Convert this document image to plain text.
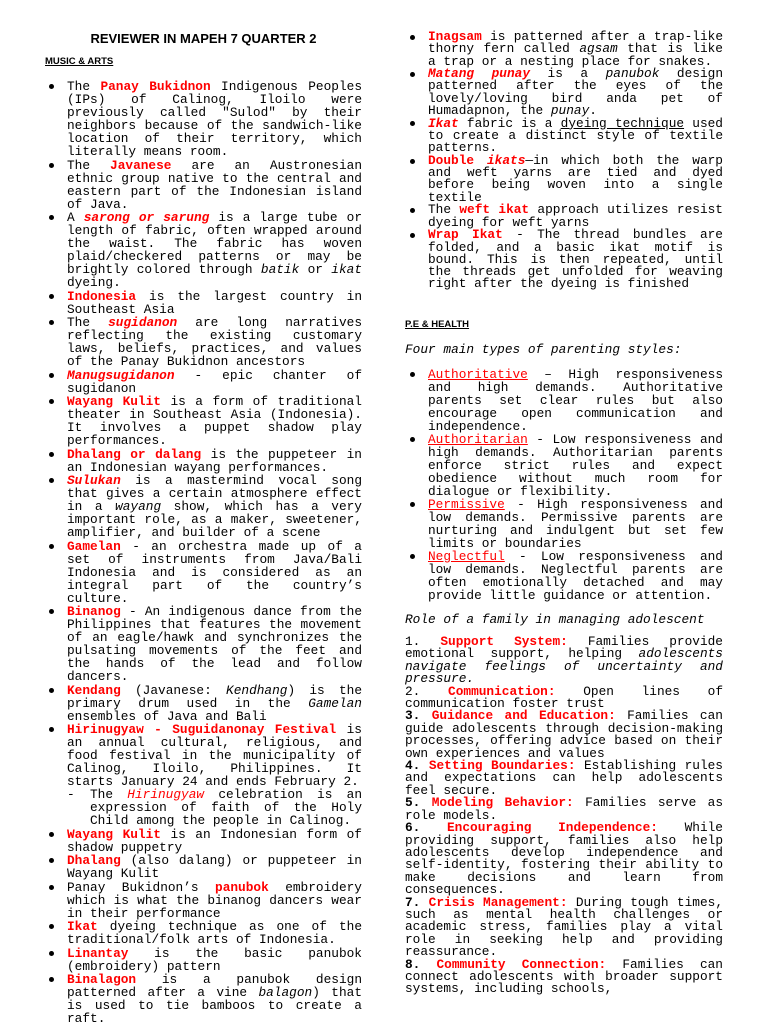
REVIEWER IN MAPEH 7 QUARTER 2
MUSIC & ARTS
The Panay Bukidnon Indigenous Peoples (IPs) of Calinog, Iloilo were previously called "Sulod" by their neighbors because of the sandwich-like location of their territory, which literally means room.
The Javanese are an Austronesian ethnic group native to the central and eastern part of the Indonesian island of Java.
A sarong or sarung is a large tube or length of fabric, often wrapped around the waist. The fabric has woven plaid/checkered patterns or may be brightly colored through batik or ikat dyeing.
Indonesia is the largest country in Southeast Asia
The sugidanon are long narratives reflecting the existing customary laws, beliefs, practices, and values of the Panay Bukidnon ancestors
Manugsugidanon - epic chanter of sugidanon
Wayang Kulit is a form of traditional theater in Southeast Asia (Indonesia). It involves a puppet shadow play performances.
Dhalang or dalang is the puppeteer in an Indonesian wayang performances.
Sulukan is a mastermind vocal song that gives a certain atmosphere effect in a wayang show, which has a very important role, as a maker, sweetener, amplifier, and builder of a scene
Gamelan - an orchestra made up of a set of instruments from Java/Bali Indonesia and is considered as an integral part of the country’s culture.
Binanog - An indigenous dance from the Philippines that features the movement of an eagle/hawk and synchronizes the pulsating movements of the feet and the hands of the lead and follow dancers.
Kendang (Javanese: Kendhang) is the primary drum used in the Gamelan ensembles of Java and Bali
Hirinugyaw - Suguidanonay Festival is an annual cultural, religious, and food festival in the municipality of Calinog, Iloilo, Philippines. It starts January 24 and ends February 2.
- The Hirinugyaw celebration is an expression of faith of the Holy Child among the people in Calinog.
Wayang Kulit is an Indonesian form of shadow puppetry
Dhalang (also dalang) or puppeteer in Wayang Kulit
Panay Bukidnon’s panubok embroidery which is what the binanog dancers wear in their performance
Ikat dyeing technique as one of the traditional/folk arts of Indonesia.
Linantay is the basic panubok (embroidery) pattern
Binalagon is a panubok design patterned after a vine balagon) that is used to tie bamboos to create a raft.
Inagsam is patterned after a trap-like thorny fern called agsam that is like a trap or a nesting place for snakes.
Matang punay is a panubok design patterned after the eyes of the lovely/loving bird anda pet of Humadapnon, the punay.
Ikat fabric is a dyeing technique used to create a distinct style of textile patterns.
Double ikats—in which both the warp and weft yarns are tied and dyed before being woven into a single textile
The weft ikat approach utilizes resist dyeing for weft yarns
Wrap Ikat - The thread bundles are folded, and a basic ikat motif is bound. This is then repeated, until the threads get unfolded for weaving right after the dyeing is finished
P.E & HEALTH
Four main types of parenting styles:
Authoritative – High responsiveness and high demands. Authoritative parents set clear rules but also encourage open communication and independence.
Authoritarian - Low responsiveness and high demands. Authoritarian parents enforce strict rules and expect obedience without much room for dialogue or flexibility.
Permissive - High responsiveness and low demands. Permissive parents are nurturing and indulgent but set few limits or boundaries
Neglectful - Low responsiveness and low demands. Neglectful parents are often emotionally detached and may provide little guidance or attention.
Role of a family in managing adolescent
1. Support System: Families provide emotional support, helping adolescents navigate feelings of uncertainty and pressure.
2. Communication: Open lines of communication foster trust
3. Guidance and Education: Families can guide adolescents through decision-making processes, offering advice based on their own experiences and values
4. Setting Boundaries: Establishing rules and expectations can help adolescents feel secure.
5. Modeling Behavior: Families serve as role models.
6. Encouraging Independence: While providing support, families also help adolescents develop independence and self-identity, fostering their ability to make decisions and learn from consequences.
7. Crisis Management: During tough times, such as mental health challenges or academic stress, families play a vital role in seeking help and providing reassurance.
8. Community Connection: Families can connect adolescents with broader support systems, including schools,
